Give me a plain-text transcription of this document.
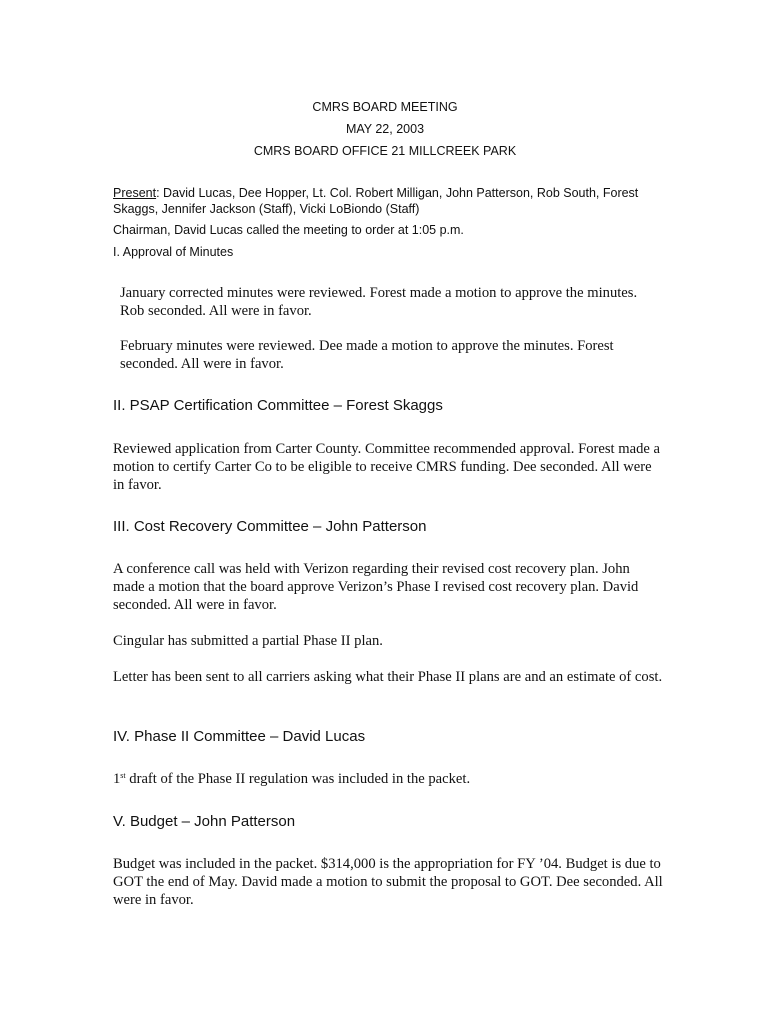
CMRS BOARD MEETING
MAY 22, 2003
CMRS BOARD OFFICE 21 MILLCREEK PARK

Present: David Lucas, Dee Hopper, Lt. Col. Robert Milligan, John Patterson, Rob South, Forest Skaggs, Jennifer Jackson (Staff), Vicki LoBiondo (Staff)

Chairman, David Lucas called the meeting to order at 1:05 p.m.

I. Approval of Minutes

January corrected minutes were reviewed. Forest made a motion to approve the minutes. Rob seconded. All were in favor.

February minutes were reviewed. Dee made a motion to approve the minutes. Forest seconded. All were in favor.

II. PSAP Certification Committee – Forest Skaggs

Reviewed application from Carter County. Committee recommended approval. Forest made a motion to certify Carter Co to be eligible to receive CMRS funding. Dee seconded. All were in favor.

III. Cost Recovery Committee – John Patterson

A conference call was held with Verizon regarding their revised cost recovery plan. John made a motion that the board approve Verizon’s Phase I revised cost recovery plan. David seconded. All were in favor.

Cingular has submitted a partial Phase II plan.

Letter has been sent to all carriers asking what their Phase II plans are and an estimate of cost.

IV. Phase II Committee – David Lucas

1st draft of the Phase II regulation was included in the packet.

V. Budget – John Patterson

Budget was included in the packet. $314,000 is the appropriation for FY ’04. Budget is due to GOT the end of May. David made a motion to submit the proposal to GOT. Dee seconded. All were in favor.
